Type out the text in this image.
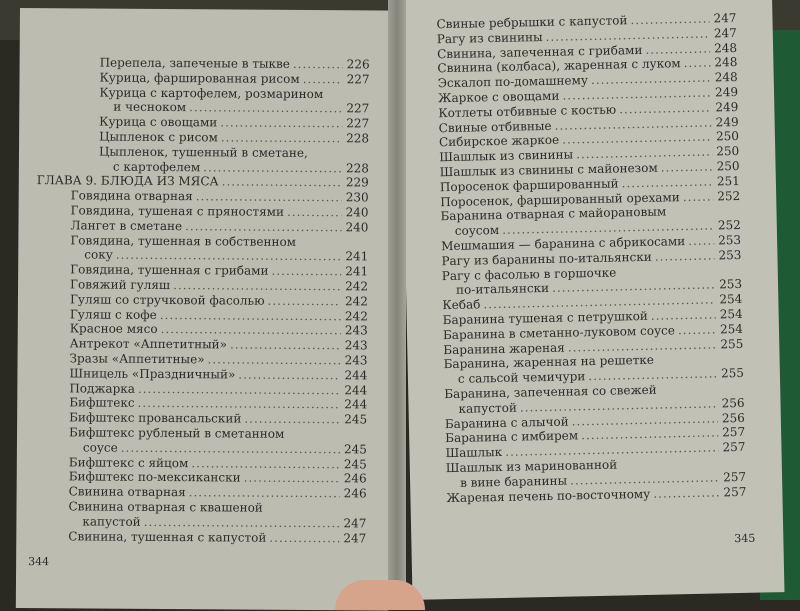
Перепела, запеченые в тыкве .....	226
Курица, фаршированная рисом .....	227
Курица с картофелем, розмарином
и чесноком .....	227
Курица с овощами .....	227
Цыпленок с рисом .....	228
Цыпленок, тушенный в сметане,
с картофелем .....	228
ГЛАВА 9. БЛЮДА ИЗ МЯСА .....	229
Говядина отварная .....	230
Говядина, тушеная с пряностями .....	240
Лангет в сметане .....	240
Говядина, тушенная в собственном
соку .....	241
Говядина, тушенная с грибами .....	241
Говяжий гуляш .....	242
Гуляш со стручковой фасолью .....	242
Гуляш с кофе .....	242
Красное мясо .....	243
Антрекот «Аппетитный» .....	243
Зразы «Аппетитные» .....	243
Шницель «Праздничный» .....	244
Поджарка .....	244
Бифштекс .....	244
Бифштекс провансальский .....	245
Бифштекс рубленый в сметанном
соусе .....	245
Бифштекс с яйцом .....	245
Бифштекс по-мексикански .....	246
Свинина отварная .....	246
Свинина отварная с квашеной
капустой .....	247
Свинина, тушенная с капустой .....	247
344
Свиные ребрышки с капустой .....	247
Рагу из свинины .....	247
Свинина, запеченная с грибами .....	248
Свинина (колбаса), жаренная с луком .....	248
Эскалоп по-домашнему .....	248
Жаркое с овощами .....	249
Котлеты отбивные с костью .....	249
Свиные отбивные .....	249
Сибирское жаркое .....	250
Шашлык из свинины .....	250
Шашлык из свинины с майонезом .....	250
Поросенок фаршированный .....	251
Поросенок, фаршированный орехами .....	252
Баранина отварная с майорановым
соусом .....	252
Мешмашия — баранина с абрикосами .....	253
Рагу из баранины по-итальянски .....	253
Рагу с фасолью в горшочке
по-итальянски .....	253
Кебаб .....	254
Баранина тушеная с петрушкой .....	254
Баранина в сметанно-луковом соусе .....	254
Баранина жареная .....	255
Баранина, жаренная на решетке
с сальсой чемичури .....	255
Баранина, запеченная со свежей
капустой .....	256
Баранина с алычой .....	256
Баранина с имбирем .....	257
Шашлык .....	257
Шашлык из маринованной
в вине баранины .....	257
Жареная печень по-восточному .....	257
345
